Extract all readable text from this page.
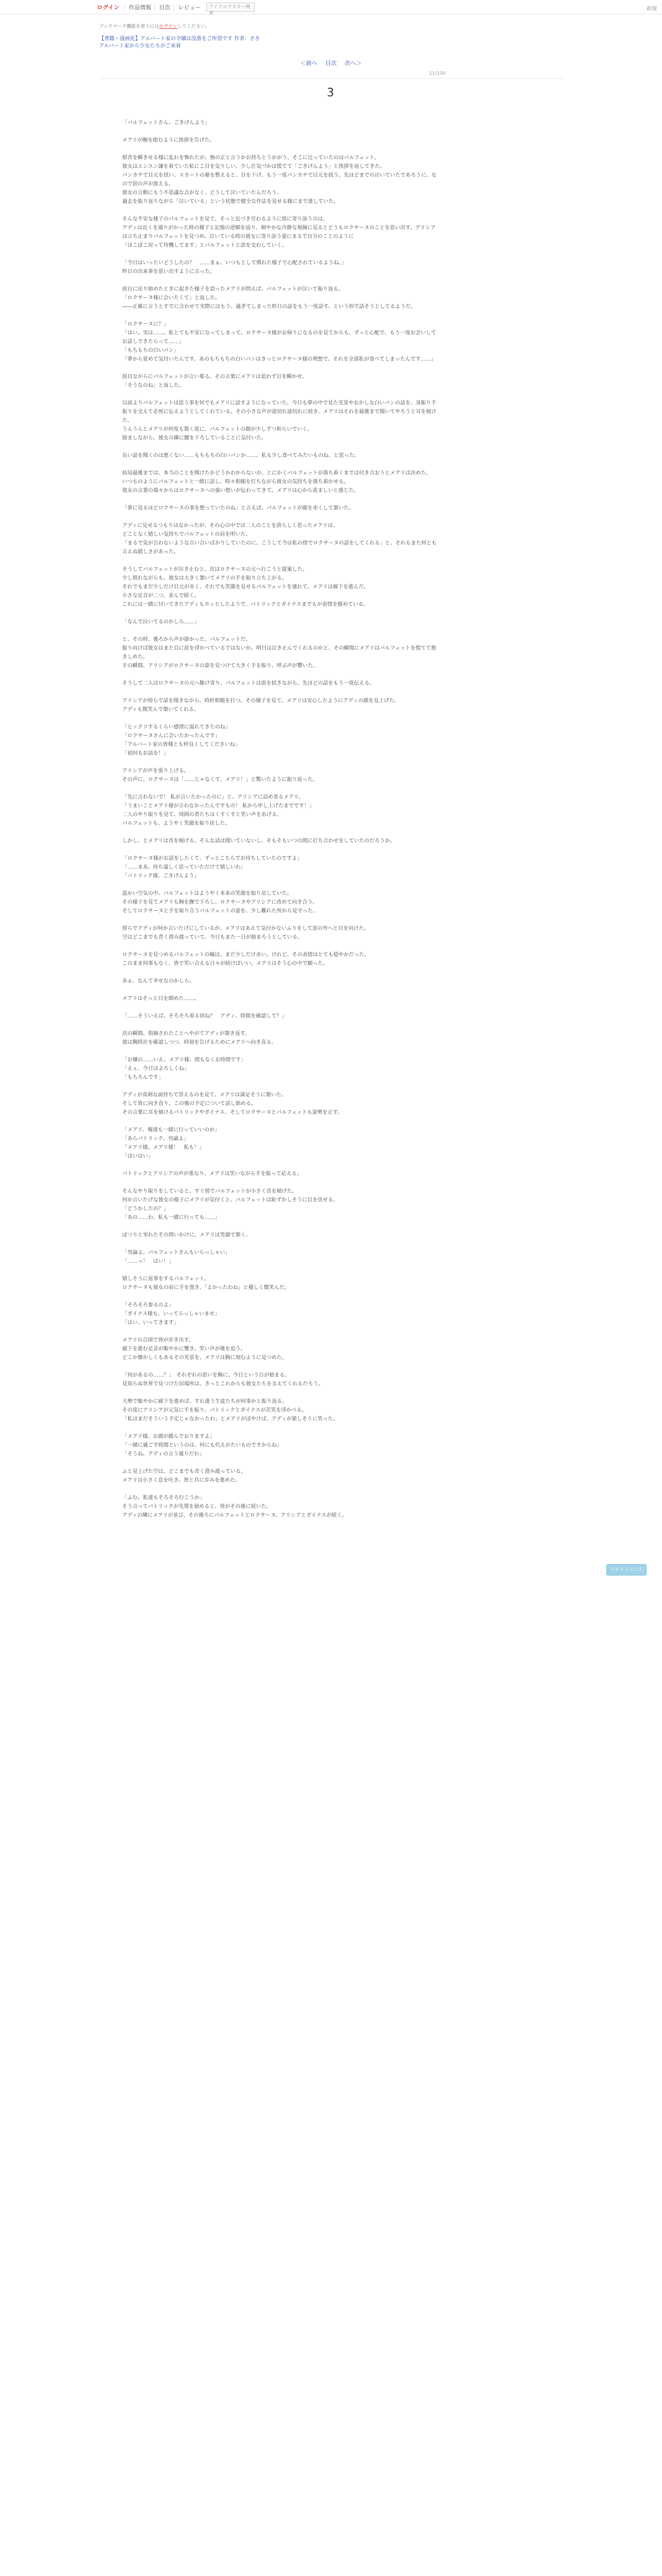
ログイン	作品情報	目次	レビュー	アイドルマスター検索
新規
ブックマーク機能を使うにはログインしてください。
【書籍・漫画化】アルバート家の令嬢は没落をご所望です 作者：さき
アルバート家から少女たちがご来着
＜前へ 目次 次へ＞
11/100
3

「パルフェットさん、ごきげんよう」

メアリが腕を組むように挨拶を告げた。

紺青を瞬きせる様に乱れを怖れたが、無の正と言うかお持ちとうかがう、そこに辻っていたのはパルフェット。
彼女はエンスン謙を着ていた私にこ目を気りしい、少し仕気づかは慌てて「ごきげんよう」と挨拶を返してきた。
パンカチで目元を拭い、スカートの裾を整えると、目を下げ、もう一度パンカチで目元を拭う。先ほどまでの泣いていたであろうに、なので涙の声が震える。
彼女の言動にもう不思議な点がなく、どうして泣いていたんだろう。
過去を振り返りながら「泣いている」という状態で健全な作法を見せる様にまで達していた。

そんな不安な様子のパルフェットを見て、そっと近づき労わるように傍に寄り添うのは、
アディは近くを通りがかった時の様子と記憶の逆順を辿り、細やかな冷静な視線に見るとどうもロクサーヌのことを思い出す。アリシアは立ち止まりパルフェットを見つめ、泣いている時の彼女に寄り添う姿にまるで自分のことのように
「ほこぼこ戻って待機してます」とパルフェットと語を交わしていく。

「今日はいったいどうしたの？　……まぁ、いつもとして慣れた様子で心配されているようね。」
昨日の出来事を思い出すように言った。

前日に戻り始めたときに起きた様子を語ったメアリが問えば、パルフェットが泣いて振り返る。
「ロクサーヌ様に会いたくて」と返した。
――正確に言うとすでに合わせて実際にはもう、過ぎてしまった昨日の話をもう一度話す、という形で話そうとしてるようだ。

「ロクサーヌに？」
「はい。実は……。私とても不安になってしまって。ロクサーヌ様がお帰りになるのを見てからも、ずっと心配で、もう一度お会いしてお話しできたらって……」
「もちもちの白いパン」
「夢から覚めて気付いたんです。あのもちもちの白いパンはきっとロクサーヌ様の理想で、それを全部私が食べてしまったんです……」

涙目ながらにパルフェットが言い募る。その言葉にメアリは思わず目を瞬かせ、
「そうなのね」と返した。

以前よりパルフェットは思う事を何でもメアリに話すようになっていた。今日も夢の中で見た光景やおかしな白いパンの話を、身振り手振りを交えて必死に伝えようとしてくれている。その小さな声が途切れ途切れに続き、メアリはそれを最後まで聞いてやろうと耳を傾けた。
うんうんとメアリが何度も頷く度に、パルフェットの顔が少しずつ和らいでいく。
励ましながら、彼女の隣に腰を下ろしていることに気付いた。

長い話を聞くのは悪くない……もちもちの白いパンか……、私も少し食べてみたいものね、と思った。

結局最後までは、本当のことを聞けたかどうかわからないが、とにかくパルフェットが落ち着くまでは付き合おうとメアリは決めた。
いつものようにパルフェットと一緒に話し、時々相槌を打ちながら彼女の気持ちを落ち着かせる。
彼女の言葉の端々からはロクサーヌへの強い想いが伝わってきて、メアリは心から羨ましいと感じた。

「夢に見るほどロクサーヌの事を想っていたのね」と言えば、パルフェットが顔を赤くして頷いた。

アディに見せるつもりはなかったが、その心の中では二人のことを誇らしく思ったメアリは、
どことなく嬉しい気持ちでパルフェットの肩を叩いた。
「まるで気が合わないような言い合いばかりしていたのに、こうして今は私の傍でロクサーヌの話をしてくれる」と、それもまた何とも言えぬ嬉しさがあった。

そうしてパルフェットが泣き止むと、次はロクサーヌの元へ行こうと提案した。
少し照れながらも、彼女は大きく頷いてメアリの手を取り立ち上がる。
それでもまだ少しだけ目元が赤く、それでも笑顔を見せるパルフェットを連れて、メアリは廊下を進んだ。
小さな足音が二つ、並んで続く。
これには一緒に付いてきたアディもホッとしたようで、パトリックとガイナスまでもが表情を緩めている。

「なんで泣いてるのかしら……」

と、その時、後ろから声が掛かった。パルフェットだ。
振り向けば彼女はまた目に涙を浮かべているではないか。明日は泣き止んでくれるのかと、その瞬間にメアリはパルフェットを慌てて抱きしめた。
その瞬間、アリシアがロクサーヌの姿を見つけて大きく手を振り、呼ぶ声が響いた。

そうして二人はロクサーヌの元へ駆け寄り、パルフェットは涙を拭きながら、先ほどの話をもう一度伝える。

アリシアが傍らで話を聞きながら、時折相槌を打つ。その様子を見て、メアリは安心したようにアディの顔を見上げた。
アディも微笑んで頷いてくれる。

「ヒックリするくらい感情に溢れてきたのね」
「ロクサーヌさんに会いたかったんです」
「アルバート家の皆様とも仲良くしてくださいね」
「初回もお話を！」

アリシアが声を張り上げる。
その声に、ロクサーヌは「……じゃなくて、メアリ！」と驚いたように振り返った。

「先に言わないで！ 私が言いたかったのに」と、アリシアに詰め寄るメアリ。
「うまいことメアリ様が言わなかったんですもの！ 私から申し上げたまでです！」
二人のやり取りを見て、周囲の者たちはくすくすと笑い声をあげる。
パルフェットも、ようやく笑顔を取り戻した。

しかし、とメアリは首を傾げる。そんな話は聞いていないし、そもそもいつの間に打ち合わせをしていたのだろうか。

「ロクサーヌ様がお話をしたくて、ずっとこちらでお待ちしていたのですよ」
「……まあ、待ち遠しく思っていただけて嬉しいわ」
「パトリック様、ごきげんよう」

温かい空気の中、パルフェットはようやく本来の笑顔を取り戻していた。
その様子を見てメアリも胸を撫で下ろし、ロクサーヌやアリシアに改めて向き合う。
そしてロクサーヌと手を取り合うパルフェットの姿を、少し離れた所から見守った。

傍らでアディが何か言いたげにしているが、メアリはあえて気付かないふりをして窓の外へと目を向けた。
空はどこまでも青く澄み渡っていて、今日もまた一日が始まろうとしている。

ロクサーヌを見つめるパルフェットの瞳は、まだ少しだけ赤い。けれど、その表情はとても穏やかだった。
このまま何事もなく、皆で笑い合える日々が続けばいい。メアリはそう心の中で願った。

あぁ、なんて幸せなのかしら。

メアリはそっと目を細めた……。

「……そういえば、そろそろ着る頃ね？　アディ、時間を確認して？」

次の瞬間、指摘されたことへやがてアディが頷き返す。
彼は腕時計を確認しつつ、時刻を告げるためにメアリへ向き直る。

「お嬢の……いえ、メアリ様、間もなくお時間です」
「えぇ、今日はよろしくね」
「もちろんです」

アディが真剣な面持ちで答えるのを見て、メアリは満足そうに頷いた。
そして皆に向き直り、この後の予定について話し始める。
その言葉に耳を傾けるパトリックやガイナス、そしてロクサーヌとパルフェットも姿勢を正す。

「メアリ、俺達も一緒に行っていいのか」
「あらパトリック。勿論よ」
「メアリ様、メアリ様！　私も！」
「はいはい」

パトリックとアリシアの声が重なり、メアリは笑いながら手を振って応える。

そんなやり取りをしていると、すぐ傍でパルフェットが小さく首を傾げた。
何か言いたげな彼女の様子にメアリが気付くと、パルフェットは恥ずかしそうに目を伏せる。
「どうかしたの？」
「あの……わ、私も一緒に行っても……」

ぽつりと零れたその問いかけに、メアリは笑顔で頷く。

「勿論よ。パルフェットさんもいらっしゃい」
「……っ！　はい！」

嬉しそうに返事をするパルフェット。
ロクサーヌも彼女の肩に手を置き、「よかったわね」と優しく微笑んだ。

「そろそろ参るのよ」
「ガイナス様も、いってらっしゃいませ」
「はい、いってきます」

メアリの合図で皆が歩き出す。
廊下を進む足音が賑やかに響き、笑い声が後を追う。
どこか懐かしくもあるその光景を、メアリは胸に刻むように見つめた。

「何があるの……？」　それぞれの思いを胸に、今日という日が始まる。
見知らぬ世界で見つけた居場所は、きっとこれからも彼女たちを支えてくれるだろう。

大勢で賑やかに廊下を進めば、すれ違う生徒たちが何事かと振り返る。
その度にアリシアが元気に手を振り、パトリックとガイナスが苦笑を浮かべる。
「私はまだそういう予定じゃなかったわ」とメアリがぼやけば、アディが楽しそうに笑った。

「メアリ様、お顔が緩んでおりますよ」
「一緒に過ごす時間というのは、何にも代えがたいものですからね」
「そうね。アディの言う通りだわ」

ふと見上げた空は、どこまでも青く澄み渡っている。
メアリは小さく息を吐き、皆と共に歩みを進めた。

「ふむ、私達もそろそろ行こうか」
そう言ってパトリックが先導を始めると、皆がその後に続いた。
アディの隣にメアリが並び、その後ろにパルフェットとロクサーヌ、アリシアとガイナスが続く。

テキストリンク
